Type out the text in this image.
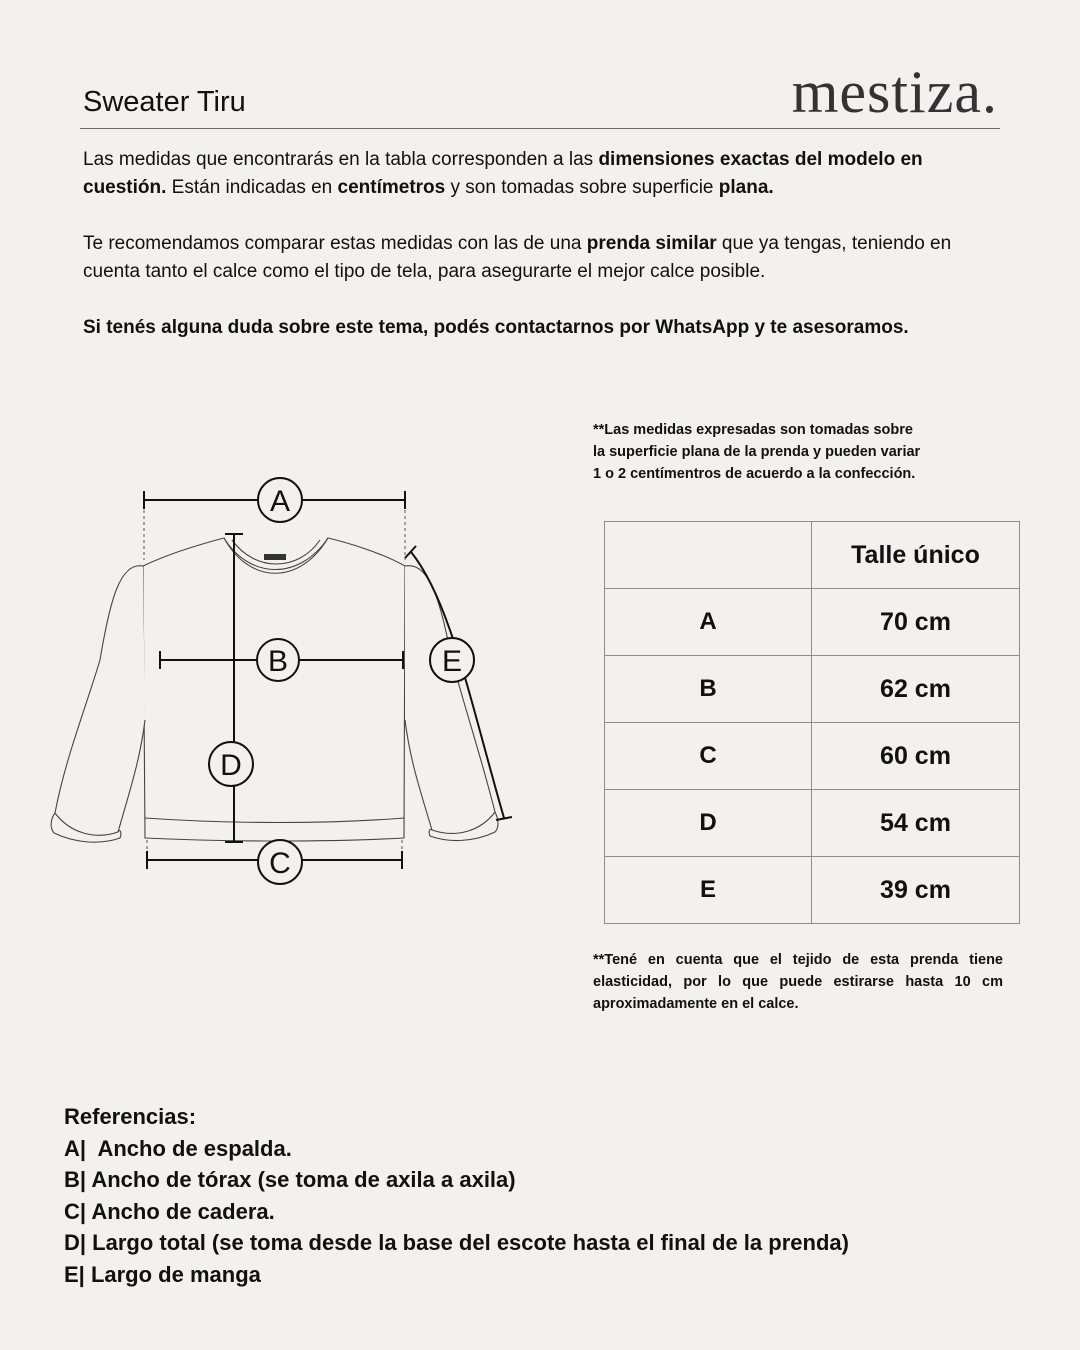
Sweater Tiru	mestiza.

Las medidas que encontrarás en la tabla corresponden a las dimensiones exactas del modelo en cuestión. Están indicadas en centímetros y son tomadas sobre superficie plana.

Te recomendamos comparar estas medidas con las de una prenda similar que ya tengas, teniendo en cuenta tanto el calce como el tipo de tela, para asegurarte el mejor calce posible.

Si tenés alguna duda sobre este tema, podés contactarnos por WhatsApp y te asesoramos.

**Las medidas expresadas son tomadas sobre
la superficie plana de la prenda y pueden variar
1 o 2 centímentros de acuerdo a la confección.
A
B
C
D
E
	Talle único
A	70 cm
B	62 cm
C	60 cm
D	54 cm
E	39 cm
**Tené en cuenta que el tejido de esta prenda tiene elasticidad, por lo que puede estirarse hasta 10 cm aproximadamente en el calce.
Referencias:
A|  Ancho de espalda.
B| Ancho de tórax (se toma de axila a axila)
C| Ancho de cadera.
D| Largo total (se toma desde la base del escote hasta el final de la prenda)
E| Largo de manga
